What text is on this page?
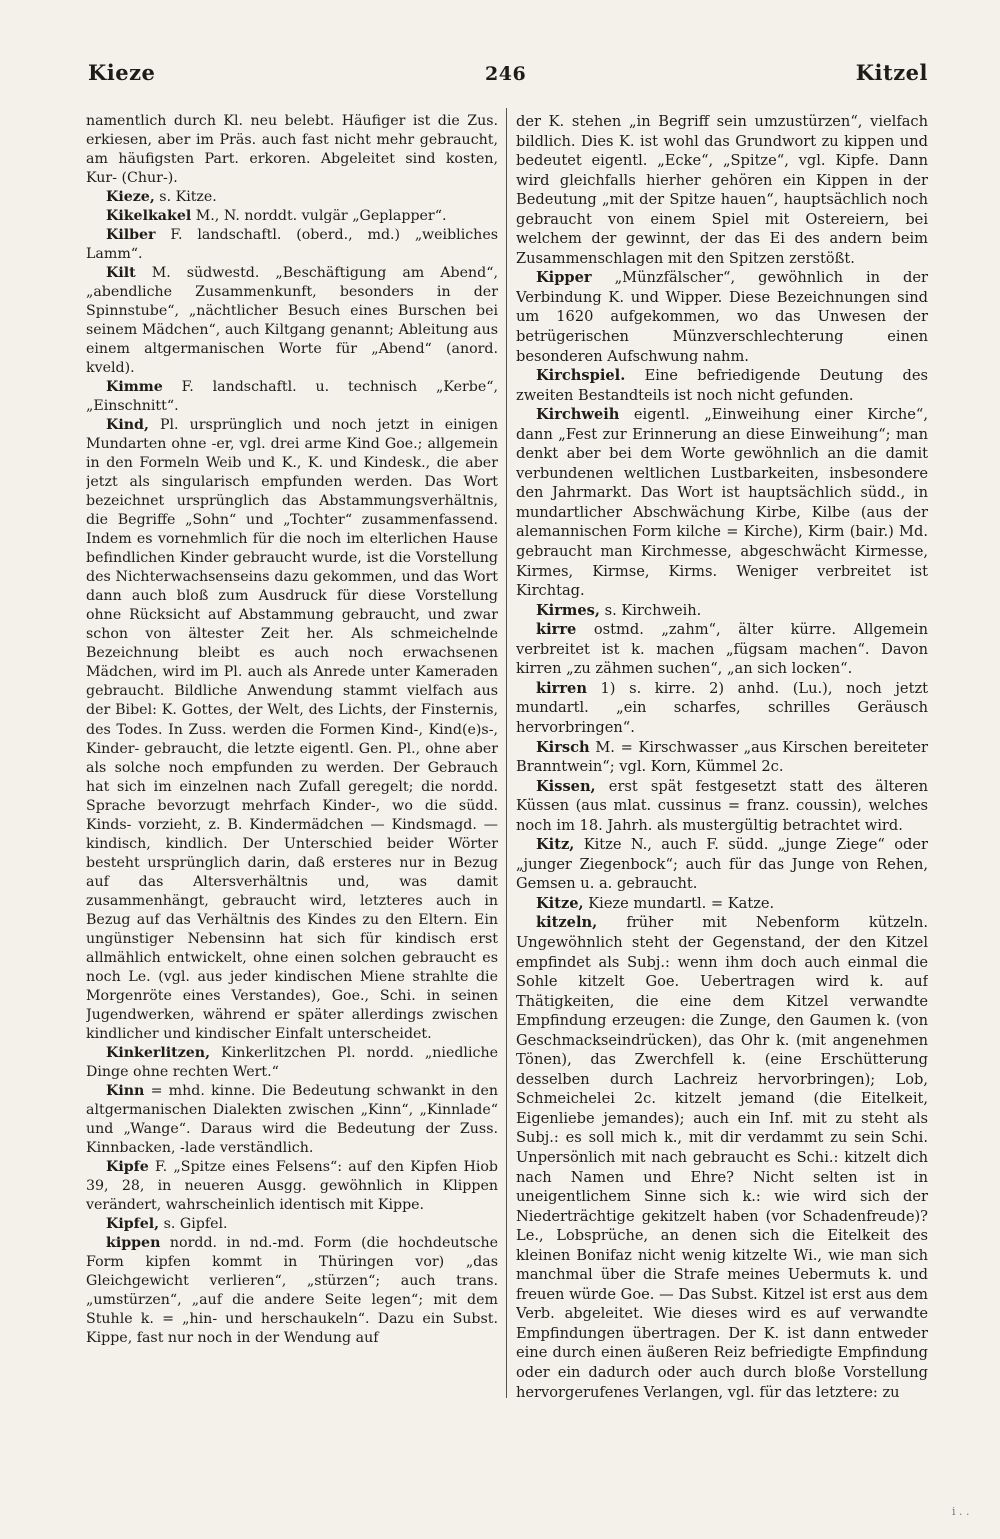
Kieze	246	Kitzel

namentlich durch Kl. neu belebt. Häufiger ist die Zus. erkiesen, aber im Präs. auch fast nicht mehr gebraucht, am häufigsten Part. erkoren. Abgeleitet sind kosten, Kur- (Chur-).

Kieze, s. Kitze.

Kikelkakel M., N. norddt. vulgär „Geplapper“.

Kilber F. landschaftl. (oberd., md.) „weibliches Lamm“.

Kilt M. südwestd. „Beschäftigung am Abend“, „abendliche Zusammenkunft, besonders in der Spinnstube“, „nächtlicher Besuch eines Burschen bei seinem Mädchen“, auch Kiltgang genannt; Ableitung aus einem altgermanischen Worte für „Abend“ (anord. kveld).

Kimme F. landschaftl. u. technisch „Kerbe“, „Einschnitt“.

Kind, Pl. ursprünglich und noch jetzt in einigen Mundarten ohne -er, vgl. drei arme Kind Goe.; allgemein in den Formeln Weib und K., K. und Kindesk., die aber jetzt als singularisch empfunden werden. Das Wort bezeichnet ursprünglich das Abstammungsverhältnis, die Begriffe „Sohn“ und „Tochter“ zusammenfassend. Indem es vornehmlich für die noch im elterlichen Hause befindlichen Kinder gebraucht wurde, ist die Vorstellung des Nichterwachsenseins dazu gekommen, und das Wort dann auch bloß zum Ausdruck für diese Vorstellung ohne Rücksicht auf Abstammung gebraucht, und zwar schon von ältester Zeit her. Als schmeichelnde Bezeichnung bleibt es auch noch erwachsenen Mädchen, wird im Pl. auch als Anrede unter Kameraden gebraucht. Bildliche Anwendung stammt vielfach aus der Bibel: K. Gottes, der Welt, des Lichts, der Finsternis, des Todes. In Zuss. werden die Formen Kind-, Kind(e)s-, Kinder- gebraucht, die letzte eigentl. Gen. Pl., ohne aber als solche noch empfunden zu werden. Der Gebrauch hat sich im einzelnen nach Zufall geregelt; die nordd. Sprache bevorzugt mehrfach Kinder-, wo die südd. Kinds- vorzieht, z. B. Kindermädchen — Kindsmagd. — kindisch, kindlich. Der Unterschied beider Wörter besteht ursprünglich darin, daß ersteres nur in Bezug auf das Altersverhältnis und, was damit zusammenhängt, gebraucht wird, letzteres auch in Bezug auf das Verhältnis des Kindes zu den Eltern. Ein ungünstiger Nebensinn hat sich für kindisch erst allmählich entwickelt, ohne einen solchen gebraucht es noch Le. (vgl. aus jeder kindischen Miene strahlte die Morgenröte eines Verstandes), Goe., Schi. in seinen Jugendwerken, während er später allerdings zwischen kindlicher und kindischer Einfalt unterscheidet.

Kinkerlitzen, Kinkerlitzchen Pl. nordd. „niedliche Dinge ohne rechten Wert.“

Kinn = mhd. kinne. Die Bedeutung schwankt in den altgermanischen Dialekten zwischen „Kinn“, „Kinnlade“ und „Wange“. Daraus wird die Bedeutung der Zuss. Kinnbacken, -lade verständlich.

Kipfe F. „Spitze eines Felsens“: auf den Kipfen Hiob 39, 28, in neueren Ausgg. gewöhnlich in Klippen verändert, wahrscheinlich identisch mit Kippe.

Kipfel, s. Gipfel.

kippen nordd. in nd.-md. Form (die hochdeutsche Form kipfen kommt in Thüringen vor) „das Gleichgewicht verlieren“, „stürzen“; auch trans. „umstürzen“, „auf die andere Seite legen“; mit dem Stuhle k. = „hin- und herschaukeln“. Dazu ein Subst. Kippe, fast nur noch in der Wendung auf

der K. stehen „in Begriff sein umzustürzen“, vielfach bildlich. Dies K. ist wohl das Grundwort zu kippen und bedeutet eigentl. „Ecke“, „Spitze“, vgl. Kipfe. Dann wird gleichfalls hierher gehören ein Kippen in der Bedeutung „mit der Spitze hauen“, hauptsächlich noch gebraucht von einem Spiel mit Ostereiern, bei welchem der gewinnt, der das Ei des andern beim Zusammenschlagen mit den Spitzen zerstößt.

Kipper „Münzfälscher“, gewöhnlich in der Verbindung K. und Wipper. Diese Bezeichnungen sind um 1620 aufgekommen, wo das Unwesen der betrügerischen Münzverschlechterung einen besonderen Aufschwung nahm.

Kirchspiel. Eine befriedigende Deutung des zweiten Bestandteils ist noch nicht gefunden.

Kirchweih eigentl. „Einweihung einer Kirche“, dann „Fest zur Erinnerung an diese Einweihung“; man denkt aber bei dem Worte gewöhnlich an die damit verbundenen weltlichen Lustbarkeiten, insbesondere den Jahrmarkt. Das Wort ist hauptsächlich südd., in mundartlicher Abschwächung Kirbe, Kilbe (aus der alemannischen Form kilche = Kirche), Kirm (bair.) Md. gebraucht man Kirchmesse, abgeschwächt Kirmesse, Kirmes, Kirmse, Kirms. Weniger verbreitet ist Kirchtag.

Kirmes, s. Kirchweih.

kirre ostmd. „zahm“, älter kürre. Allgemein verbreitet ist k. machen „fügsam machen“. Davon kirren „zu zähmen suchen“, „an sich locken“.

kirren 1) s. kirre. 2) anhd. (Lu.), noch jetzt mundartl. „ein scharfes, schrilles Geräusch hervorbringen“.

Kirsch M. = Kirschwasser „aus Kirschen bereiteter Branntwein“; vgl. Korn, Kümmel 2c.

Kissen, erst spät festgesetzt statt des älteren Küssen (aus mlat. cussinus = franz. coussin), welches noch im 18. Jahrh. als mustergültig betrachtet wird.

Kitz, Kitze N., auch F. südd. „junge Ziege“ oder „junger Ziegenbock“; auch für das Junge von Rehen, Gemsen u. a. gebraucht.

Kitze, Kieze mundartl. = Katze.

kitzeln, früher mit Nebenform kützeln. Ungewöhnlich steht der Gegenstand, der den Kitzel empfindet als Subj.: wenn ihm doch auch einmal die Sohle kitzelt Goe. Uebertragen wird k. auf Thätigkeiten, die eine dem Kitzel verwandte Empfindung erzeugen: die Zunge, den Gaumen k. (von Geschmackseindrücken), das Ohr k. (mit angenehmen Tönen), das Zwerchfell k. (eine Erschütterung desselben durch Lachreiz hervorbringen); Lob, Schmeichelei 2c. kitzelt jemand (die Eitelkeit, Eigenliebe jemandes); auch ein Inf. mit zu steht als Subj.: es soll mich k., mit dir verdammt zu sein Schi. Unpersönlich mit nach gebraucht es Schi.: kitzelt dich nach Namen und Ehre? Nicht selten ist in uneigentlichem Sinne sich k.: wie wird sich der Niederträchtige gekitzelt haben (vor Schadenfreude)? Le., Lobsprüche, an denen sich die Eitelkeit des kleinen Bonifaz nicht wenig kitzelte Wi., wie man sich manchmal über die Strafe meines Uebermuts k. und freuen würde Goe. — Das Subst. Kitzel ist erst aus dem Verb. abgeleitet. Wie dieses wird es auf verwandte Empfindungen übertragen. Der K. ist dann entweder eine durch einen äußeren Reiz befriedigte Empfindung oder ein dadurch oder auch durch bloße Vorstellung hervorgerufenes Verlangen, vgl. für das letztere: zu

i . .
